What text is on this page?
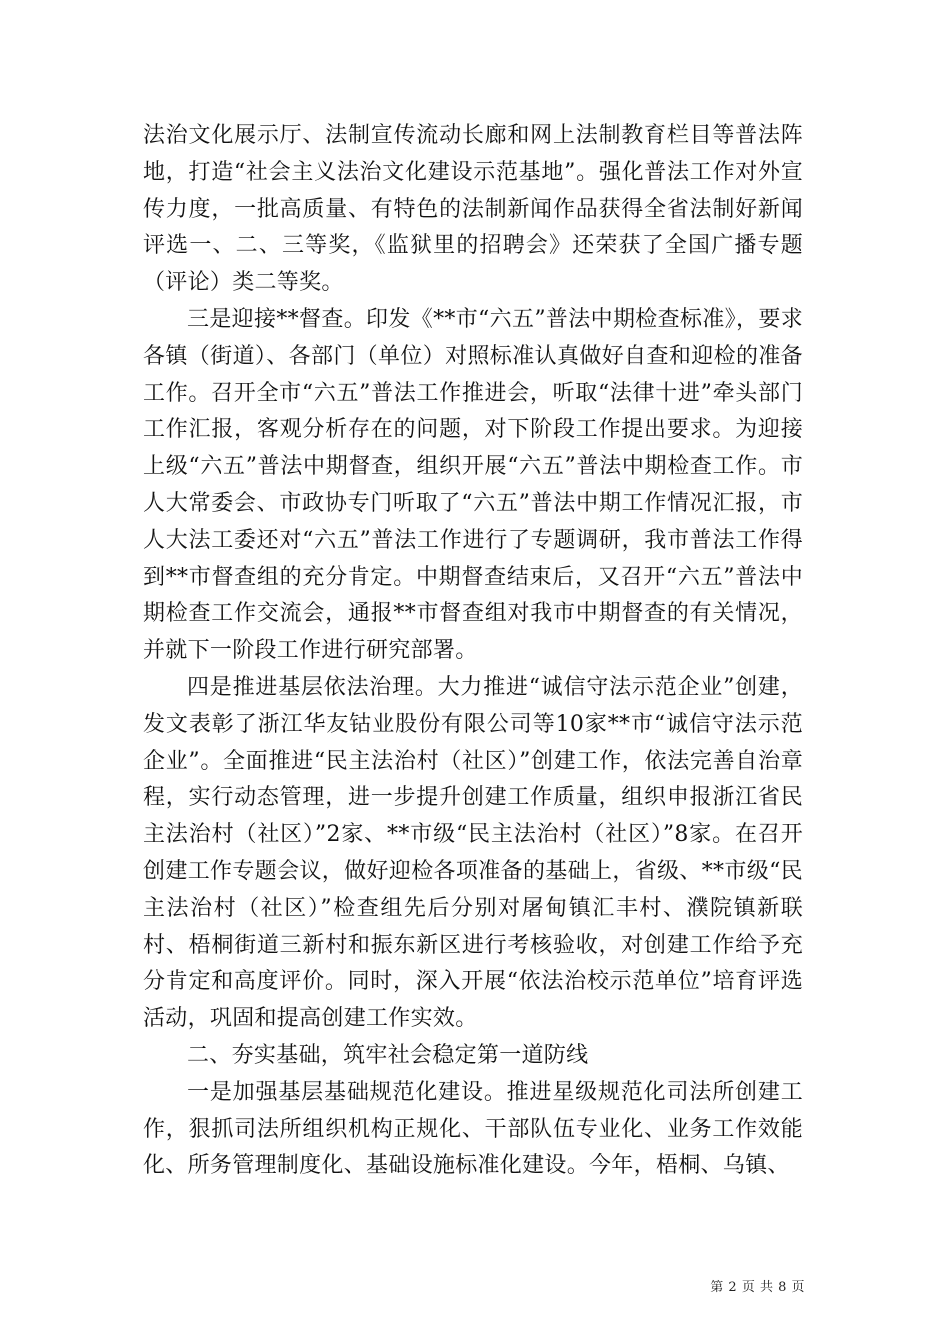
法治文化展示厅、法制宣传流动长廊和网上法制教育栏目等普法阵地，打造“社会主义法治文化建设示范基地”。强化普法工作对外宣传力度，一批高质量、有特色的法制新闻作品获得全省法制好新闻评选一、二、三等奖，《监狱里的招聘会》还荣获了全国广播专题（评论）类二等奖。

三是迎接**督查。印发《**市“六五”普法中期检查标准》，要求各镇（街道）、各部门（单位）对照标准认真做好自查和迎检的准备工作。召开全市“六五”普法工作推进会，听取“法律十进”牵头部门工作汇报，客观分析存在的问题，对下阶段工作提出要求。为迎接上级“六五”普法中期督查，组织开展“六五”普法中期检查工作。市人大常委会、市政协专门听取了“六五”普法中期工作情况汇报，市人大法工委还对“六五”普法工作进行了专题调研，我市普法工作得到**市督查组的充分肯定。中期督查结束后，又召开“六五”普法中期检查工作交流会，通报**市督查组对我市中期督查的有关情况，并就下一阶段工作进行研究部署。

四是推进基层依法治理。大力推进“诚信守法示范企业”创建，发文表彰了浙江华友钴业股份有限公司等10家**市“诚信守法示范企业”。全面推进“民主法治村（社区）”创建工作，依法完善自治章程，实行动态管理，进一步提升创建工作质量，组织申报浙江省民主法治村（社区）”2家、**市级“民主法治村（社区）”8家。在召开创建工作专题会议，做好迎检各项准备的基础上，省级、**市级“民主法治村（社区）”检查组先后分别对屠甸镇汇丰村、濮院镇新联村、梧桐街道三新村和振东新区进行考核验收，对创建工作给予充分肯定和高度评价。同时，深入开展“依法治校示范单位”培育评选活动，巩固和提高创建工作实效。

二、夯实基础，筑牢社会稳定第一道防线

一是加强基层基础规范化建设。推进星级规范化司法所创建工作，狠抓司法所组织机构正规化、干部队伍专业化、业务工作效能化、所务管理制度化、基础设施标准化建设。今年，梧桐、乌镇、

第 2 页 共 8 页
